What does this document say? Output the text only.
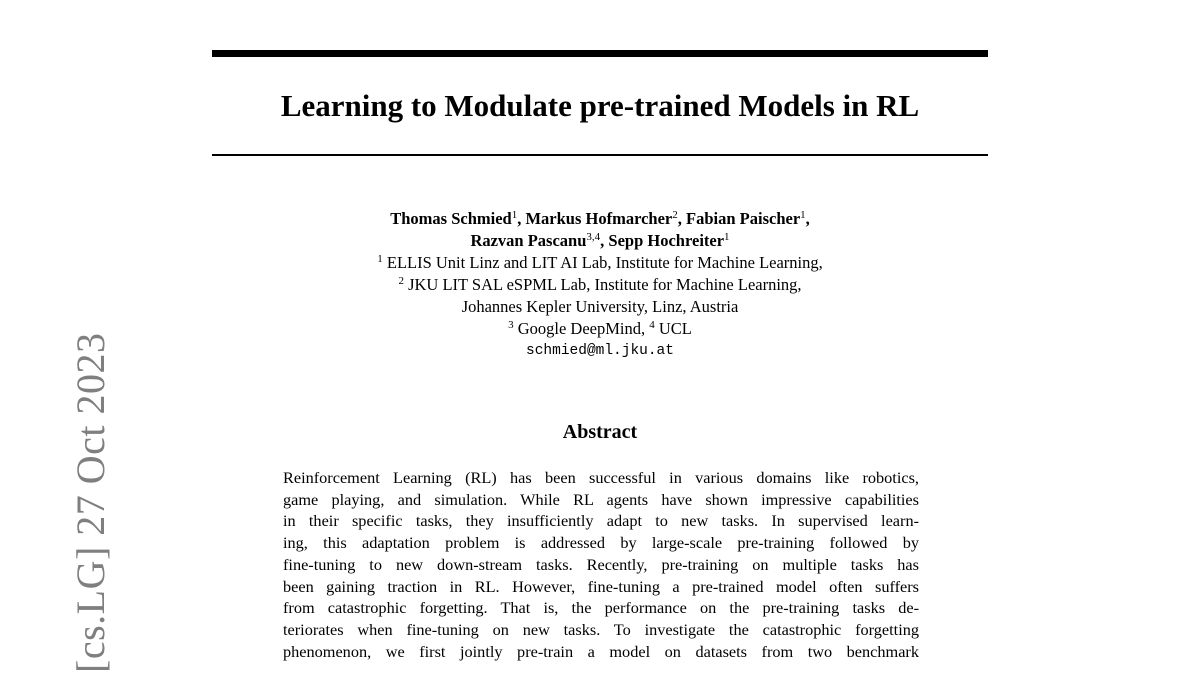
[cs.LG] 27 Oct 2023
Learning to Modulate pre-trained Models in RL
Thomas Schmied$^1$, Markus Hofmarcher$^2$, Fabian Paischer$^1$,
Razvan Pascanu$^{3,4}$, Sepp Hochreiter$^1$
$^1$ ELLIS Unit Linz and LIT AI Lab, Institute for Machine Learning,
$^2$ JKU LIT SAL eSPML Lab, Institute for Machine Learning,
Johannes Kepler University, Linz, Austria
$^3$ Google DeepMind, $^4$ UCL
schmied@ml.jku.at
Abstract
Reinforcement Learning (RL) has been successful in various domains like robotics,
game playing, and simulation. While RL agents have shown impressive capabilities
in their specific tasks, they insufficiently adapt to new tasks. In supervised learn-
ing, this adaptation problem is addressed by large-scale pre-training followed by
fine-tuning to new down-stream tasks. Recently, pre-training on multiple tasks has
been gaining traction in RL. However, fine-tuning a pre-trained model often suffers
from catastrophic forgetting. That is, the performance on the pre-training tasks de-
teriorates when fine-tuning on new tasks. To investigate the catastrophic forgetting
phenomenon, we first jointly pre-train a model on datasets from two benchmark
